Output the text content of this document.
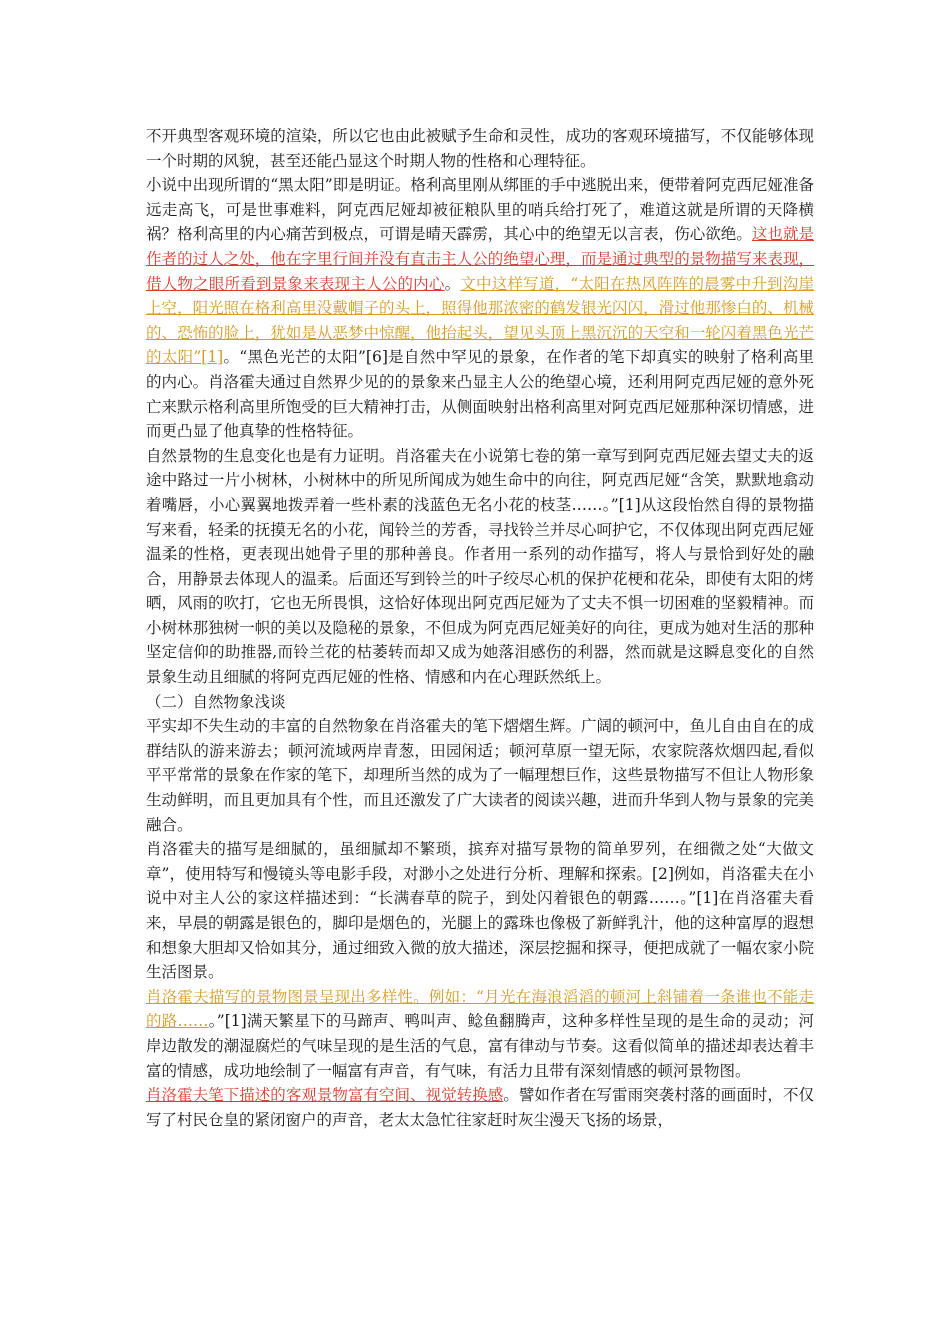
不开典型客观环境的渲染，所以它也由此被赋予生命和灵性，成功的客观环境描写，不仅能够体现一个时期的风貌，甚至还能凸显这个时期人物的性格和心理特征。

小说中出现所谓的“黑太阳”即是明证。格利高里刚从绑匪的手中逃脱出来，便带着阿克西尼娅准备远走高飞，可是世事难料，阿克西尼娅却被征粮队里的哨兵给打死了，难道这就是所谓的天降横祸？格利高里的内心痛苦到极点，可谓是晴天霹雳，其心中的绝望无以言表，伤心欲绝。这也就是作者的过人之处，他在字里行间并没有直击主人公的绝望心理，而是通过典型的景物描写来表现，借人物之眼所看到景象来表现主人公的内心。文中这样写道，“太阳在热风阵阵的晨雾中升到沟崖上空，阳光照在格利高里没戴帽子的头上，照得他那浓密的鹤发银光闪闪，滑过他那惨白的、机械的、恐怖的脸上，犹如是从恶梦中惊醒，他抬起头，望见头顶上黑沉沉的天空和一轮闪着黑色光芒的太阳”[1]。“黑色光芒的太阳”[6]是自然中罕见的景象，在作者的笔下却真实的映射了格利高里的内心。肖洛霍夫通过自然界少见的的景象来凸显主人公的绝望心境，还利用阿克西尼娅的意外死亡来默示格利高里所饱受的巨大精神打击，从侧面映射出格利高里对阿克西尼娅那种深切情感，进而更凸显了他真挚的性格特征。

自然景物的生息变化也是有力证明。肖洛霍夫在小说第七卷的第一章写到阿克西尼娅去望丈夫的返途中路过一片小树林，小树林中的所见所闻成为她生命中的向往，阿克西尼娅“含笑，默默地翕动着嘴唇，小心翼翼地拨弄着一些朴素的浅蓝色无名小花的枝茎……。”[1]从这段怡然自得的景物描写来看，轻柔的抚摸无名的小花，闻铃兰的芳香，寻找铃兰并尽心呵护它，不仅体现出阿克西尼娅温柔的性格，更表现出她骨子里的那种善良。作者用一系列的动作描写，将人与景恰到好处的融合，用静景去体现人的温柔。后面还写到铃兰的叶子绞尽心机的保护花梗和花朵，即使有太阳的烤晒，风雨的吹打，它也无所畏惧，这恰好体现出阿克西尼娅为了丈夫不惧一切困难的坚毅精神。而小树林那独树一帜的美以及隐秘的景象，不但成为阿克西尼娅美好的向往，更成为她对生活的那种坚定信仰的助推器,而铃兰花的枯萎转而却又成为她落泪感伤的利器，然而就是这瞬息变化的自然景象生动且细腻的将阿克西尼娅的性格、情感和内在心理跃然纸上。

（二）自然物象浅谈

平实却不失生动的丰富的自然物象在肖洛霍夫的笔下熠熠生辉。广阔的顿河中，鱼儿自由自在的成群结队的游来游去；顿河流域两岸青葱，田园闲适；顿河草原一望无际，农家院落炊烟四起,看似平平常常的景象在作家的笔下，却理所当然的成为了一幅理想巨作，这些景物描写不但让人物形象生动鲜明，而且更加具有个性，而且还激发了广大读者的阅读兴趣，进而升华到人物与景象的完美融合。

肖洛霍夫的描写是细腻的，虽细腻却不繁琐，摈弃对描写景物的简单罗列，在细微之处“大做文章”，使用特写和慢镜头等电影手段，对渺小之处进行分析、理解和探索。[2]例如，肖洛霍夫在小说中对主人公的家这样描述到：“长满春草的院子，到处闪着银色的朝露……。”[1]在肖洛霍夫看来，早晨的朝露是银色的，脚印是烟色的，光腿上的露珠也像极了新鲜乳汁，他的这种富厚的遐想和想象大胆却又恰如其分，通过细致入微的放大描述，深层挖掘和探寻，便把成就了一幅农家小院生活图景。

肖洛霍夫描写的景物图景呈现出多样性。例如：“月光在海浪滔滔的顿河上斜铺着一条谁也不能走的路……。”[1]满天繁星下的马蹄声、鸭叫声、鲶鱼翻腾声，这种多样性呈现的是生命的灵动；河岸边散发的潮湿腐烂的气味呈现的是生活的气息，富有律动与节奏。这看似简单的描述却表达着丰富的情感，成功地绘制了一幅富有声音，有气味，有活力且带有深刻情感的顿河景物图。

肖洛霍夫笔下描述的客观景物富有空间、视觉转换感。譬如作者在写雷雨突袭村落的画面时，不仅写了村民仓皇的紧闭窗户的声音，老太太急忙往家赶时灰尘漫天飞扬的场景，
